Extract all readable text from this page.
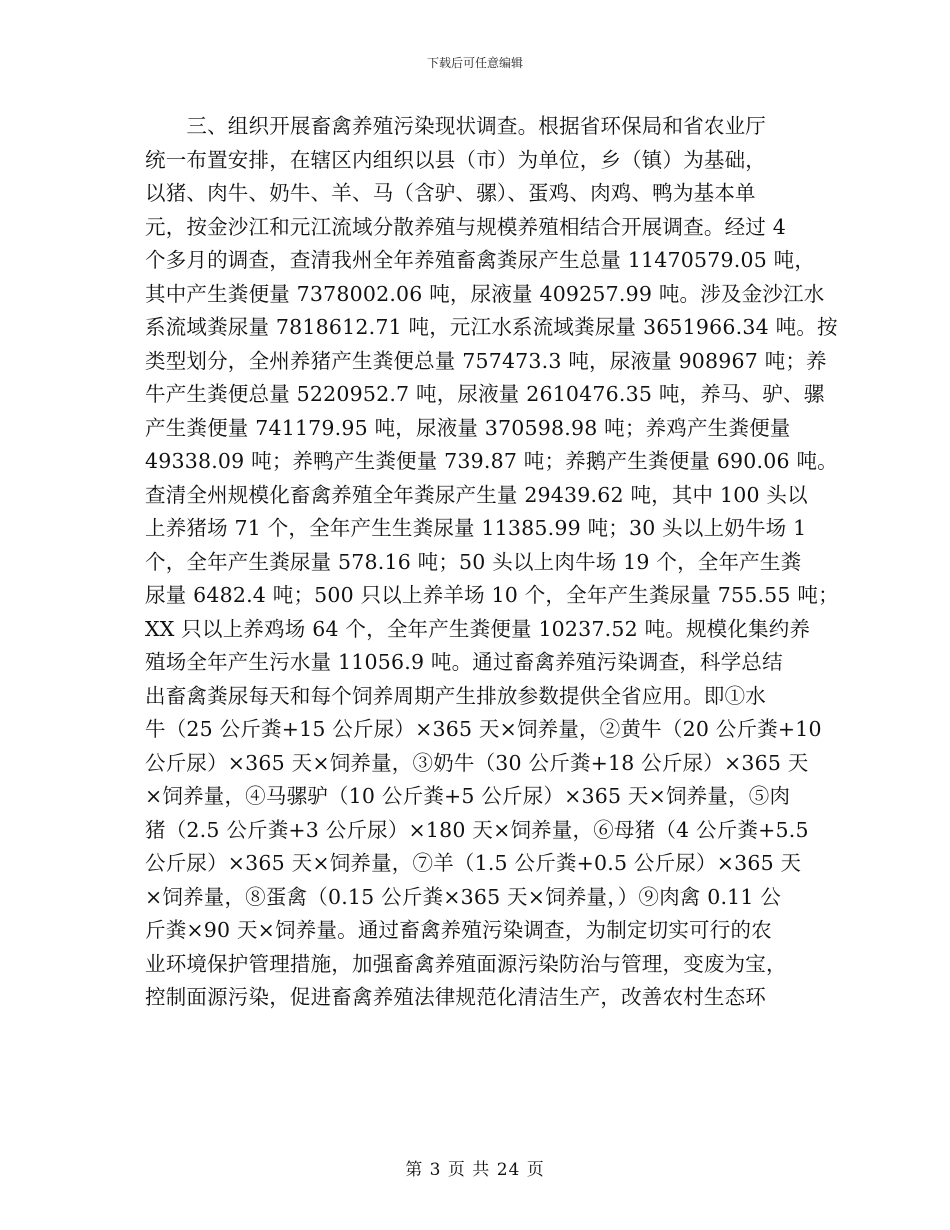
下载后可任意编辑
　　三、组织开展畜禽养殖污染现状调查。根据省环保局和省农业厅
统一布置安排，在辖区内组织以县（市）为单位，乡（镇）为基础，
以猪、肉牛、奶牛、羊、马（含驴、骡）、蛋鸡、肉鸡、鸭为基本单
元，按金沙江和元江流域分散养殖与规模养殖相结合开展调查。经过 4
个多月的调查，查清我州全年养殖畜禽粪尿产生总量 11470579.05 吨，
其中产生粪便量 7378002.06 吨，尿液量 409257.99 吨。涉及金沙江水
系流域粪尿量 7818612.71 吨，元江水系流域粪尿量 3651966.34 吨。按
类型划分，全州养猪产生粪便总量 757473.3 吨，尿液量 908967 吨；养
牛产生粪便总量 5220952.7 吨，尿液量 2610476.35 吨，养马、驴、骡
产生粪便量 741179.95 吨，尿液量 370598.98 吨；养鸡产生粪便量
49338.09 吨；养鸭产生粪便量 739.87 吨；养鹅产生粪便量 690.06 吨。
查清全州规模化畜禽养殖全年粪尿产生量 29439.62 吨，其中 100 头以
上养猪场 71 个，全年产生生粪尿量 11385.99 吨；30 头以上奶牛场 1
个，全年产生粪尿量 578.16 吨；50 头以上肉牛场 19 个，全年产生粪
尿量 6482.4 吨；500 只以上养羊场 10 个，全年产生粪尿量 755.55 吨；
XX 只以上养鸡场 64 个，全年产生粪便量 10237.52 吨。规模化集约养
殖场全年产生污水量 11056.9 吨。通过畜禽养殖污染调查，科学总结
出畜禽粪尿每天和每个饲养周期产生排放参数提供全省应用。即①水
牛（25 公斤粪+15 公斤尿）×365 天×饲养量，②黄牛（20 公斤粪+10
公斤尿）×365 天×饲养量，③奶牛（30 公斤粪+18 公斤尿）×365 天
×饲养量，④马骡驴（10 公斤粪+5 公斤尿）×365 天×饲养量，⑤肉
猪（2.5 公斤粪+3 公斤尿）×180 天×饲养量，⑥母猪（4 公斤粪+5.5
公斤尿）×365 天×饲养量，⑦羊（1.5 公斤粪+0.5 公斤尿）×365 天
×饲养量，⑧蛋禽（0.15 公斤粪×365 天×饲养量，）⑨肉禽 0.11 公
斤粪×90 天×饲养量。通过畜禽养殖污染调查，为制定切实可行的农
业环境保护管理措施，加强畜禽养殖面源污染防治与管理，变废为宝，
控制面源污染，促进畜禽养殖法律规范化清洁生产，改善农村生态环
第 3 页 共 24 页
